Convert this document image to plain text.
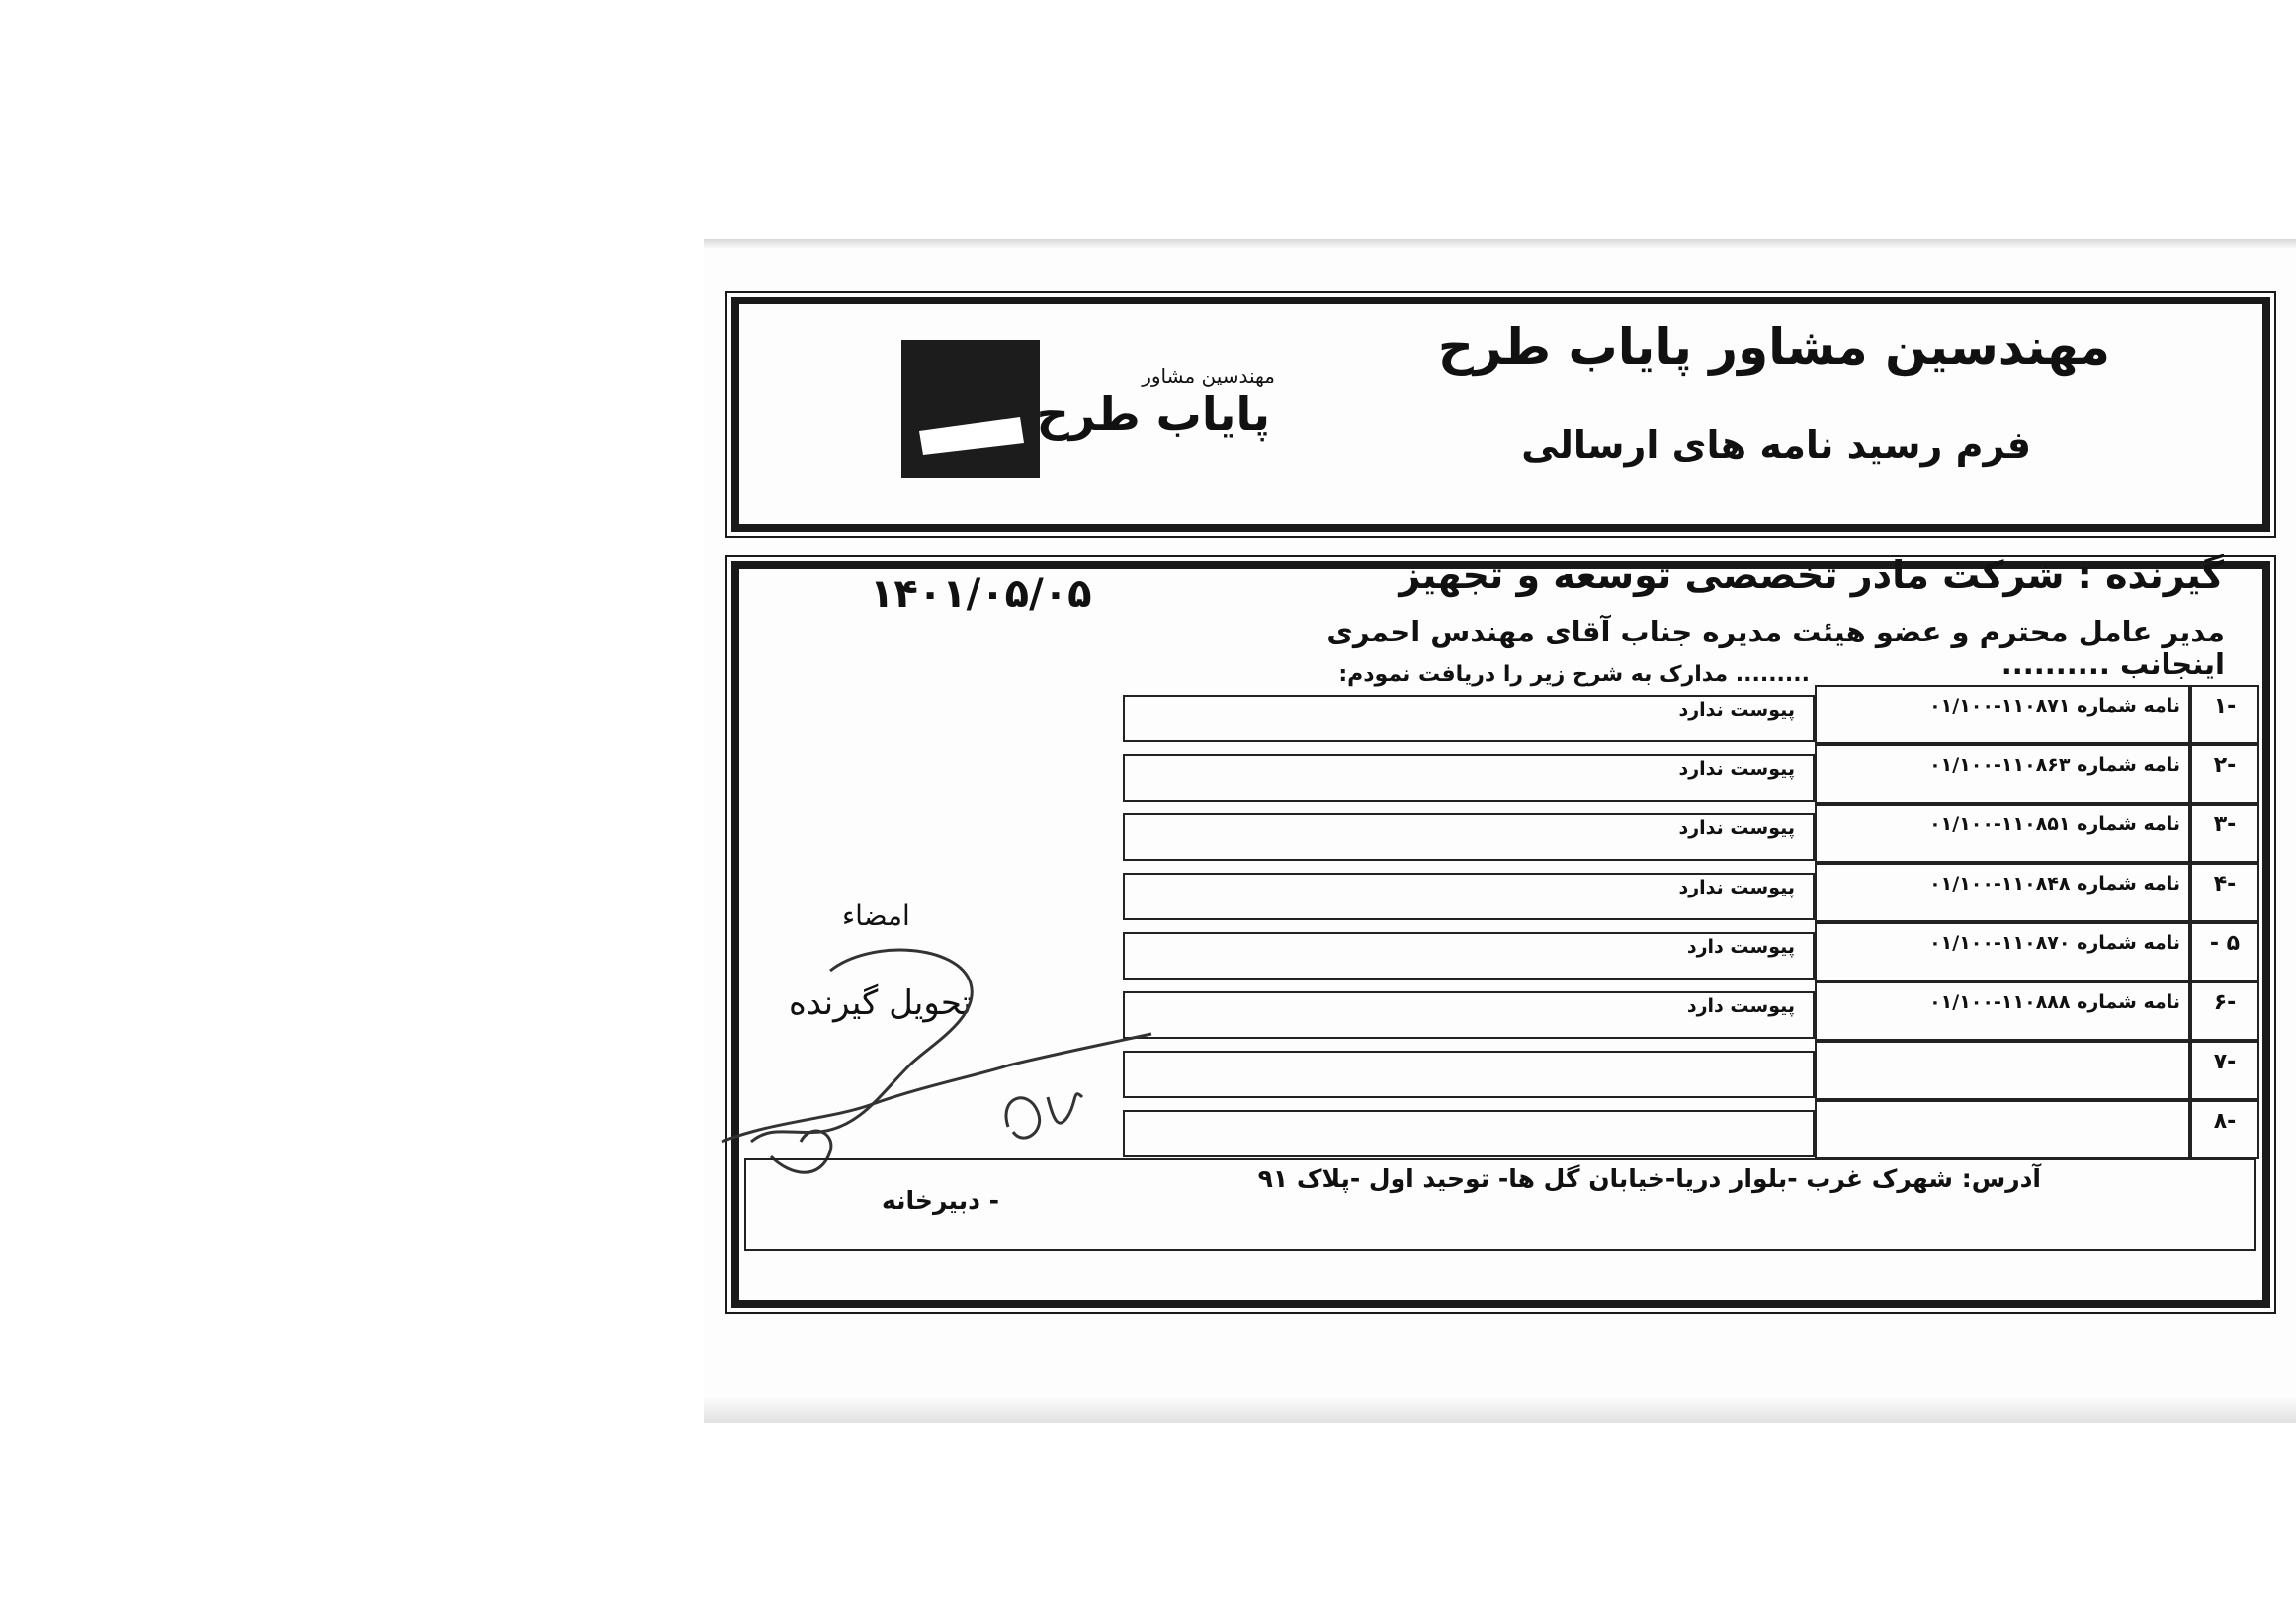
مهندسین مشاور پایاب طرح
فرم رسید نامه های ارسالی
مهندسین مشاور
پایاب طرح
گیرنده : شرکت مادر تخصصی توسعه و تجهیز
۱۴۰۱/۰۵/۰۵
مدیر عامل محترم و عضو هیئت مدیره جناب آقای مهندس احمری
اینجانب ..........
......... مدارک به شرح زیر را دریافت نمودم:
پیوست ندارد	نامه شماره ۱۱۰۸۷۱-۰۱/۱۰۰	-۱
پیوست ندارد	نامه شماره ۱۱۰۸۶۳-۰۱/۱۰۰	-۲
پیوست ندارد	نامه شماره ۱۱۰۸۵۱-۰۱/۱۰۰	-۳
پیوست ندارد	نامه شماره ۱۱۰۸۴۸-۰۱/۱۰۰	-۴
پیوست دارد	نامه شماره ۱۱۰۸۷۰-۰۱/۱۰۰	۵ -
پیوست دارد	نامه شماره ۱۱۰۸۸۸-۰۱/۱۰۰	-۶
-۷
-۸
امضاء
تحویل گیرنده
آدرس: شهرک غرب -بلوار دریا-خیابان گل ها- توحید اول -پلاک ۹۱
- دبیرخانه
